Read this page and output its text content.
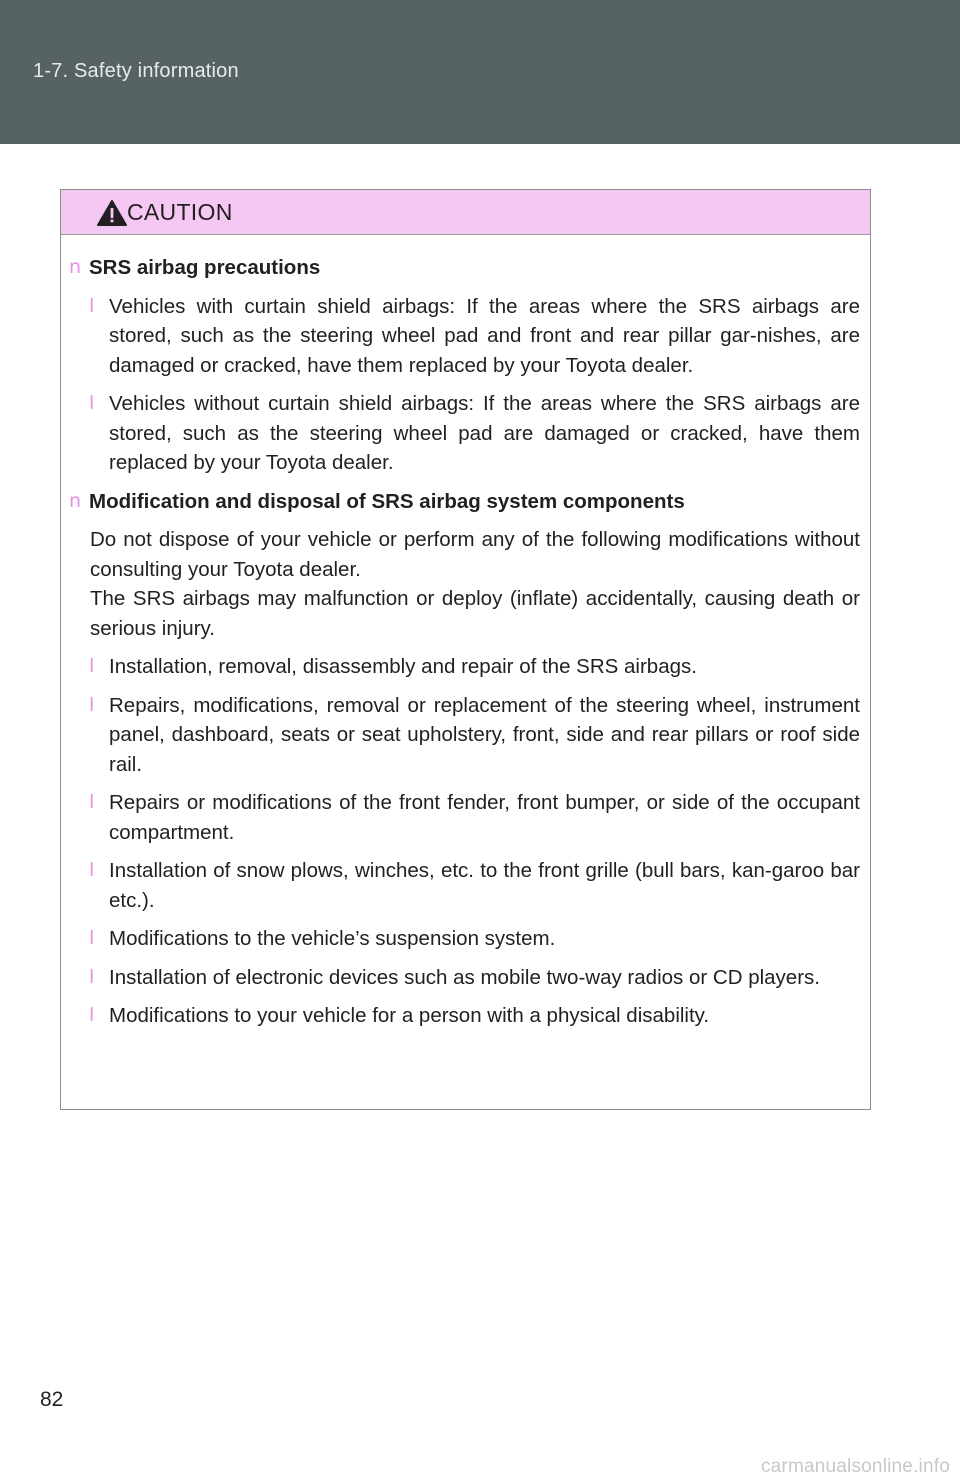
1-7. Safety information
CAUTION
n SRS airbag precautions
l Vehicles with curtain shield airbags: If the areas where the SRS airbags are stored, such as the steering wheel pad and front and rear pillar gar-nishes, are damaged or cracked, have them replaced by your Toyota dealer.
l Vehicles without curtain shield airbags: If the areas where the SRS airbags are stored, such as the steering wheel pad are damaged or cracked, have them replaced by your Toyota dealer.
n Modification and disposal of SRS airbag system components
Do not dispose of your vehicle or perform any of the following modifications without consulting your Toyota dealer.
The SRS airbags may malfunction or deploy (inflate) accidentally, causing death or serious injury.
l Installation, removal, disassembly and repair of the SRS airbags.
l Repairs, modifications, removal or replacement of the steering wheel, instrument panel, dashboard, seats or seat upholstery, front, side and rear pillars or roof side rail.
l Repairs or modifications of the front fender, front bumper, or side of the occupant compartment.
l Installation of snow plows, winches, etc. to the front grille (bull bars, kan-garoo bar etc.).
l Modifications to the vehicle’s suspension system.
l Installation of electronic devices such as mobile two-way radios or CD players.
l Modifications to your vehicle for a person with a physical disability.
82
carmanualsonline.info
